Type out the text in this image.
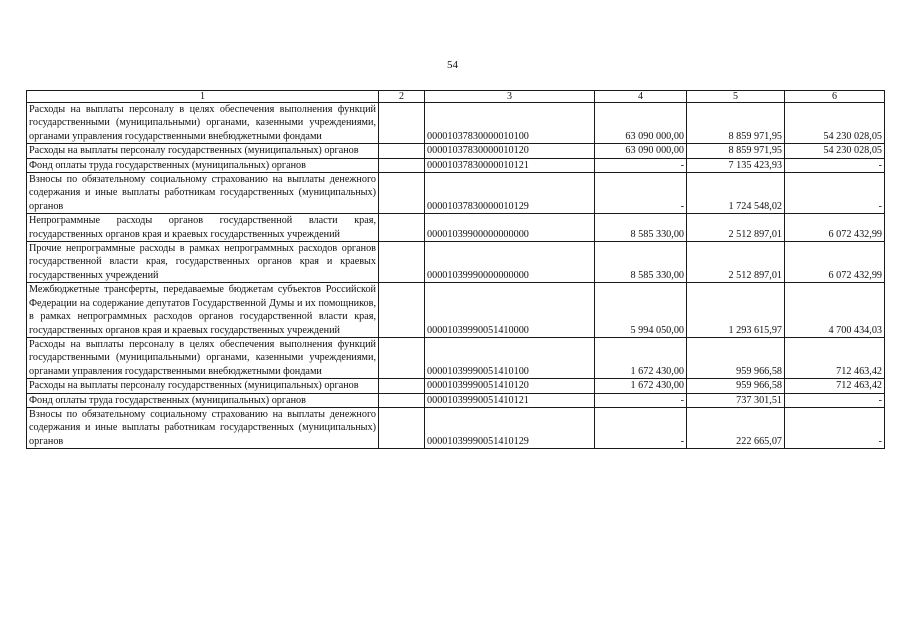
54
1	2	3	4	5	6
Расходы на выплаты персоналу в целях обеспечения выполнения функций государственными (муниципальными) органами, казенными учреждениями, органами управления государственными внебюджетными фондами		00001037830000010100	63 090 000,00	8 859 971,95	54 230 028,05
Расходы на выплаты персоналу государственных (муниципальных) органов		00001037830000010120	63 090 000,00	8 859 971,95	54 230 028,05
Фонд оплаты труда государственных (муниципальных) органов		00001037830000010121	-	7 135 423,93	-
Взносы по обязательному социальному страхованию на выплаты денежного содержания и иные выплаты работникам государственных (муниципальных) органов		00001037830000010129	-	1 724 548,02	-
Непрограммные расходы органов государственной власти края, государственных органов края и краевых государственных учреждений		00001039900000000000	8 585 330,00	2 512 897,01	6 072 432,99
Прочие непрограммные расходы в рамках непрограммных расходов органов государственной власти края, государственных органов края и краевых государственных учреждений		00001039990000000000	8 585 330,00	2 512 897,01	6 072 432,99
Межбюджетные трансферты, передаваемые бюджетам субъектов Российской Федерации на содержание депутатов Государственной Думы и их помощников, в рамках непрограммных расходов органов государственной власти края, государственных органов края и краевых государственных учреждений		00001039990051410000	5 994 050,00	1 293 615,97	4 700 434,03
Расходы на выплаты персоналу в целях обеспечения выполнения функций государственными (муниципальными) органами, казенными учреждениями, органами управления государственными внебюджетными фондами		00001039990051410100	1 672 430,00	959 966,58	712 463,42
Расходы на выплаты персоналу государственных (муниципальных) органов		00001039990051410120	1 672 430,00	959 966,58	712 463,42
Фонд оплаты труда государственных (муниципальных) органов		00001039990051410121	-	737 301,51	-
Взносы по обязательному социальному страхованию на выплаты денежного содержания и иные выплаты работникам государственных (муниципальных) органов		00001039990051410129	-	222 665,07	-
